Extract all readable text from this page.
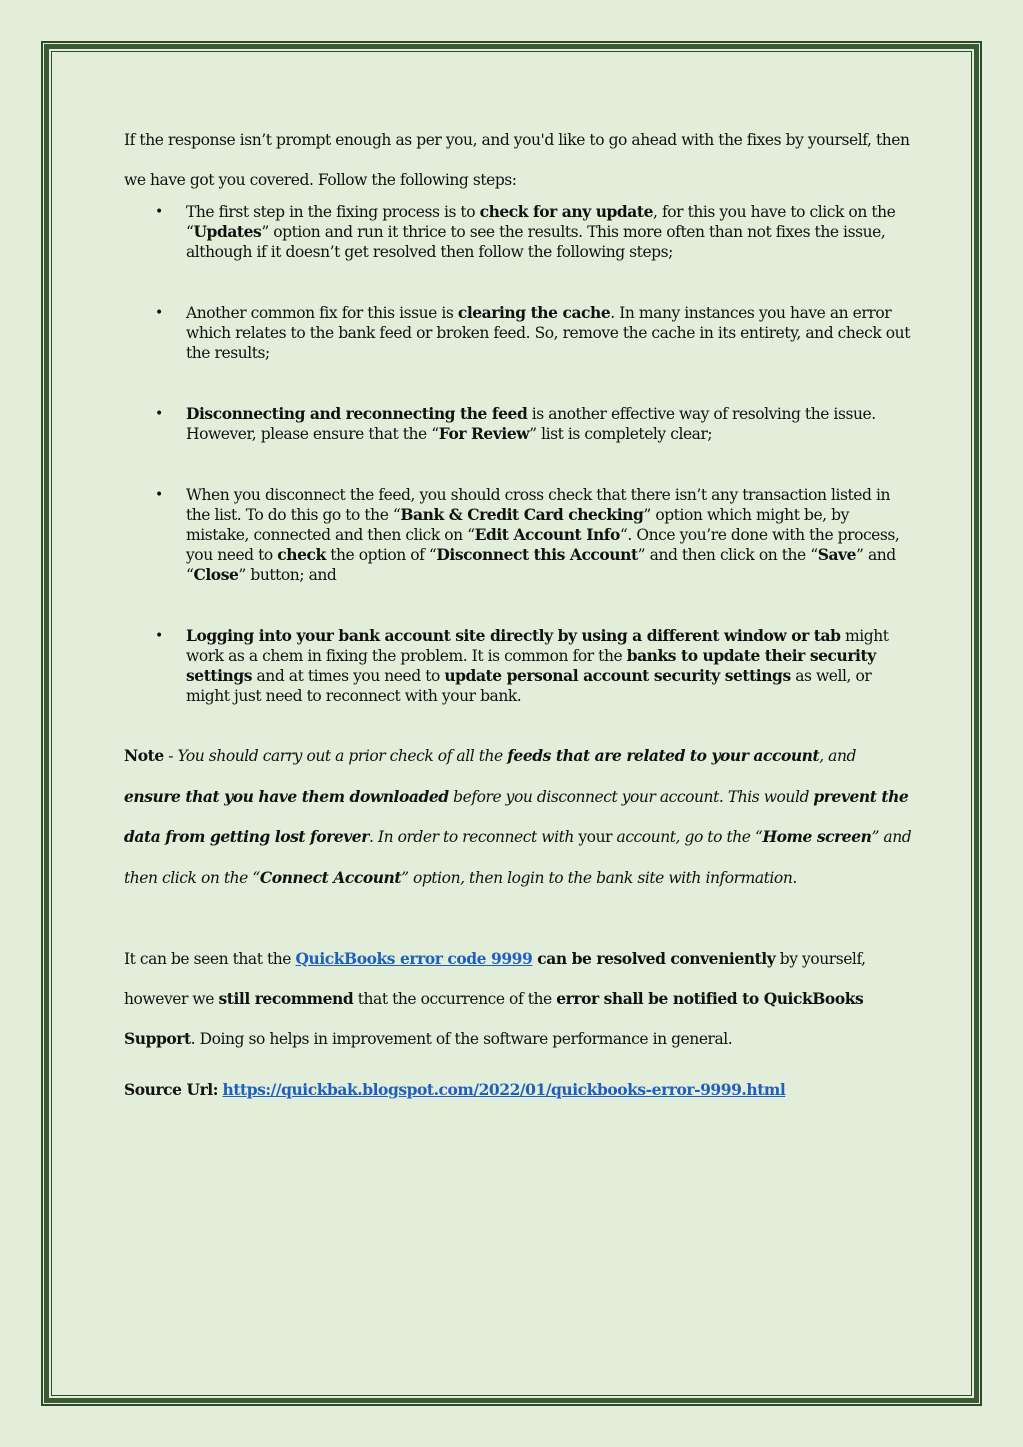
If the response isn’t prompt enough as per you, and you'd like to go ahead with the fixes by yourself, then
we have got you covered. Follow the following steps:

• The first step in the fixing process is to check for any update, for this you have to click on the “Updates” option and run it thrice to see the results. This more often than not fixes the issue, although if it doesn’t get resolved then follow the following steps;
• Another common fix for this issue is clearing the cache. In many instances you have an error which relates to the bank feed or broken feed. So, remove the cache in its entirety, and check out the results;
• Disconnecting and reconnecting the feed is another effective way of resolving the issue. However, please ensure that the “For Review” list is completely clear;
• When you disconnect the feed, you should cross check that there isn’t any transaction listed in the list. To do this go to the “Bank & Credit Card checking” option which might be, by mistake, connected and then click on “Edit Account Info“. Once you’re done with the process, you need to check the option of “Disconnect this Account” and then click on the “Save” and “Close” button; and
• Logging into your bank account site directly by using a different window or tab might work as a chem in fixing the problem. It is common for the banks to update their security settings and at times you need to update personal account security settings as well, or might just need to reconnect with your bank.

Note - You should carry out a prior check of all the feeds that are related to your account, and ensure that you have them downloaded before you disconnect your account. This would prevent the data from getting lost forever. In order to reconnect with your account, go to the “Home screen” and then click on the “Connect Account” option, then login to the bank site with information.

It can be seen that the QuickBooks error code 9999 can be resolved conveniently by yourself, however we still recommend that the occurrence of the error shall be notified to QuickBooks Support. Doing so helps in improvement of the software performance in general.

Source Url: https://quickbak.blogspot.com/2022/01/quickbooks-error-9999.html
